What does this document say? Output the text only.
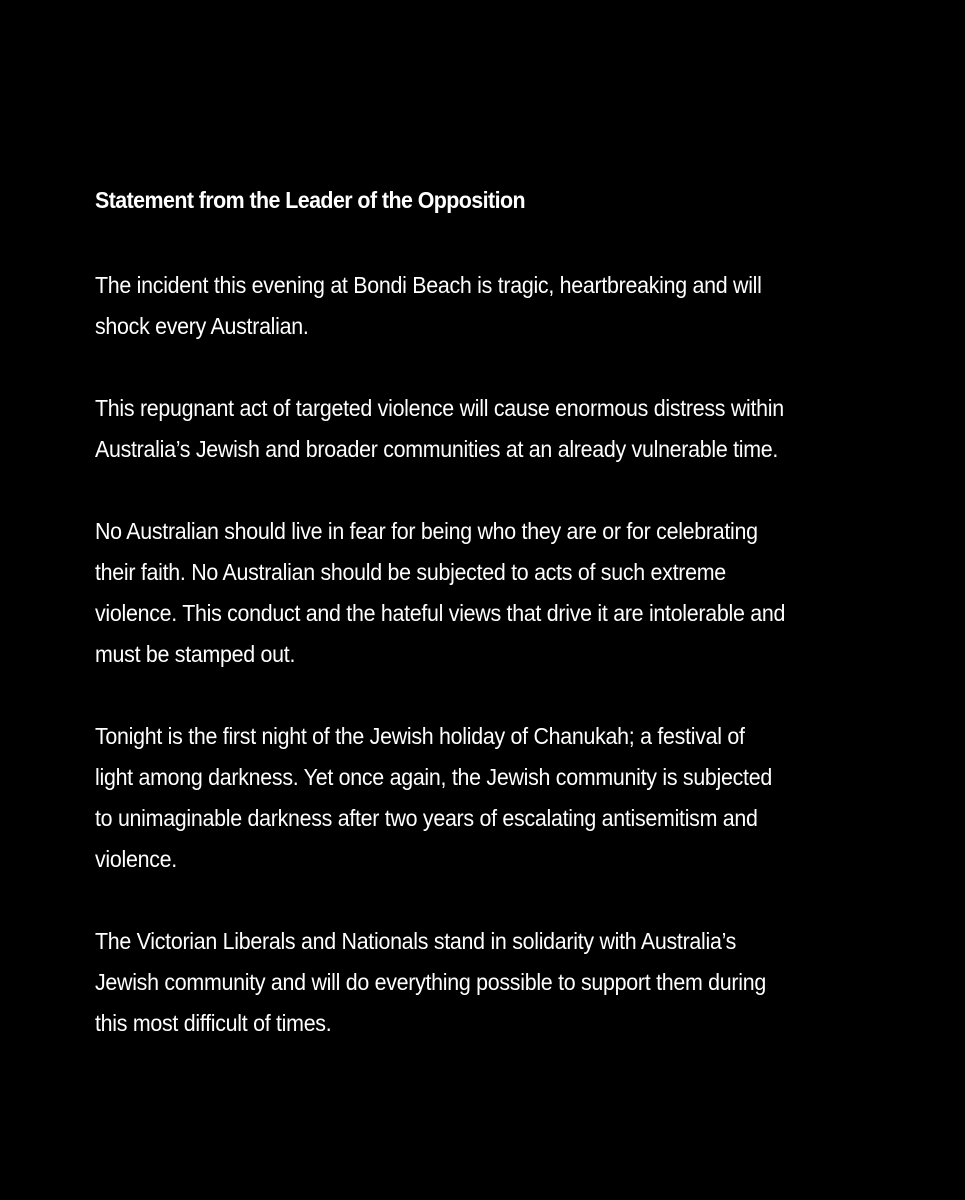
Statement from the Leader of the Opposition
The incident this evening at Bondi Beach is tragic, heartbreaking and will
shock every Australian.
This repugnant act of targeted violence will cause enormous distress within
Australia’s Jewish and broader communities at an already vulnerable time.
No Australian should live in fear for being who they are or for celebrating
their faith. No Australian should be subjected to acts of such extreme
violence. This conduct and the hateful views that drive it are intolerable and
must be stamped out.
Tonight is the first night of the Jewish holiday of Chanukah; a festival of
light among darkness. Yet once again, the Jewish community is subjected
to unimaginable darkness after two years of escalating antisemitism and
violence.
The Victorian Liberals and Nationals stand in solidarity with Australia’s
Jewish community and will do everything possible to support them during
this most difficult of times.
